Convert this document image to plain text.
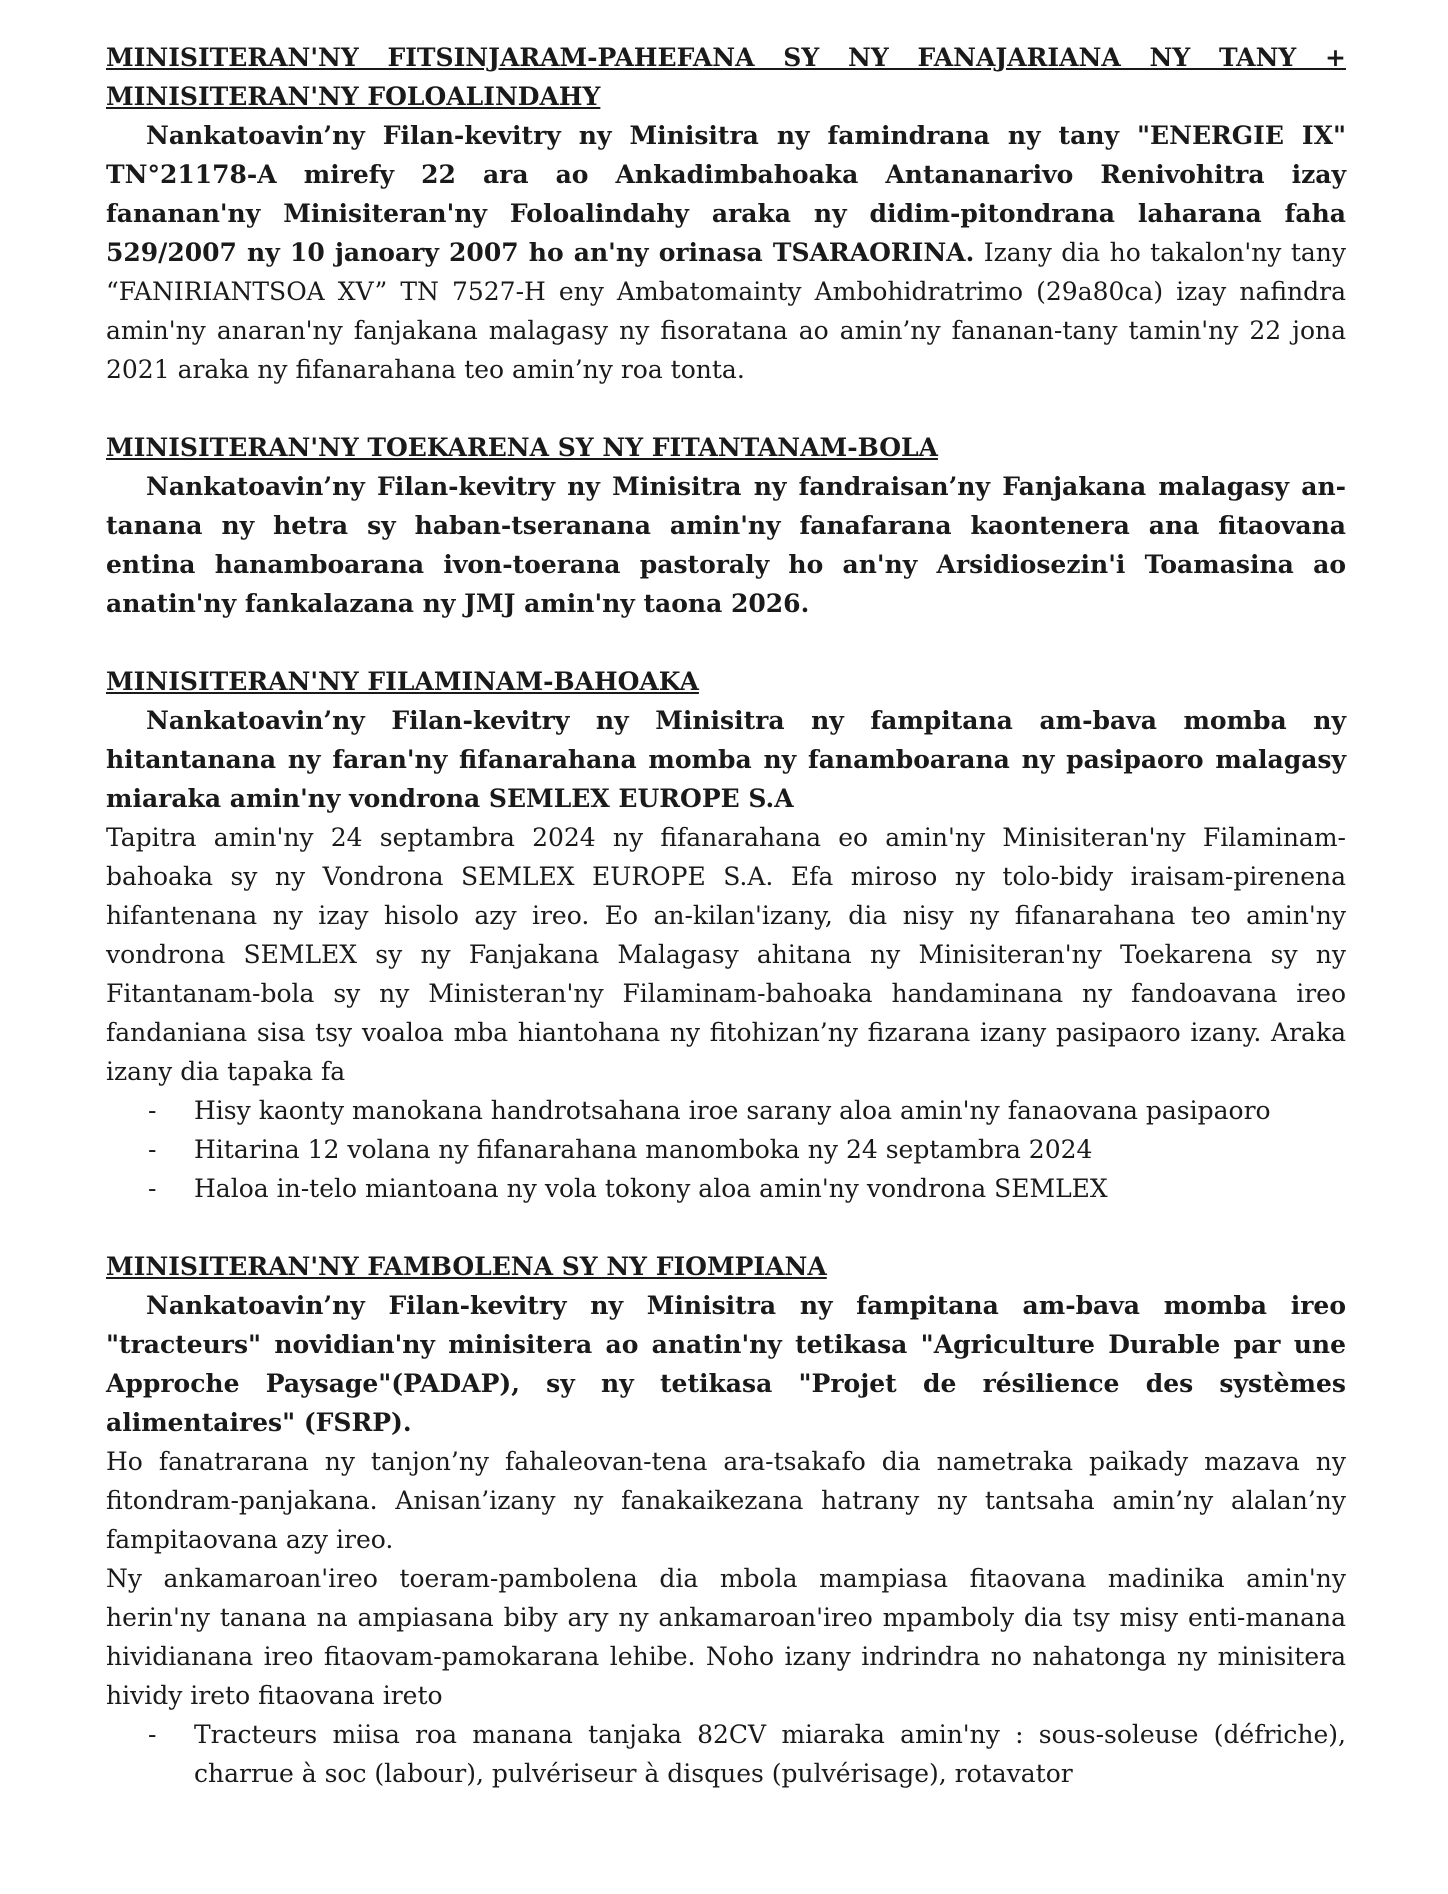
MINISITERAN'NY FITSINJARAM-PAHEFANA SY NY FANAJARIANA NY TANY + MINISITERAN'NY FOLOALINDAHY

Nankatoavin’ny Filan-kevitry ny Minisitra ny famindrana ny tany "ENERGIE IX" TN°21178-A mirefy 22 ara ao Ankadimbahoaka Antananarivo Renivohitra izay fananan'ny Minisiteran'ny Foloalindahy araka ny didim-pitondrana laharana faha 529/2007 ny 10 janoary 2007 ho an'ny orinasa TSARAORINA. Izany dia ho takalon'ny tany “FANIRIANTSOA XV” TN 7527-H eny Ambatomainty Ambohidratrimo (29a80ca) izay nafindra amin'ny anaran'ny fanjakana malagasy ny fisoratana ao amin’ny fananan-tany tamin'ny 22 jona 2021 araka ny fifanarahana teo amin’ny roa tonta.

MINISITERAN'NY TOEKARENA SY NY FITANTANAM-BOLA

Nankatoavin’ny Filan-kevitry ny Minisitra ny fandraisan’ny Fanjakana malagasy an-tanana ny hetra sy haban-tseranana amin'ny fanafarana kaontenera ana fitaovana entina hanamboarana ivon-toerana pastoraly ho an'ny Arsidiosezin'i Toamasina ao anatin'ny fankalazana ny JMJ amin'ny taona 2026.

MINISITERAN'NY FILAMINAM-BAHOAKA

Nankatoavin’ny Filan-kevitry ny Minisitra ny fampitana am-bava momba ny hitantanana ny faran'ny fifanarahana momba ny fanamboarana ny pasipaoro malagasy miaraka amin'ny vondrona SEMLEX EUROPE S.A

Tapitra amin'ny 24 septambra 2024 ny fifanarahana eo amin'ny Minisiteran'ny Filaminam-bahoaka sy ny Vondrona SEMLEX EUROPE S.A. Efa miroso ny tolo-bidy iraisam-pirenena hifantenana ny izay hisolo azy ireo. Eo an-kilan'izany, dia nisy ny fifanarahana teo amin'ny vondrona SEMLEX sy ny Fanjakana Malagasy ahitana ny Minisiteran'ny Toekarena sy ny Fitantanam-bola sy ny Ministeran'ny Filaminam-bahoaka handaminana ny fandoavana ireo fandaniana sisa tsy voaloa mba hiantohana ny fitohizan’ny fizarana izany pasipaoro izany. Araka izany dia tapaka fa

- Hisy kaonty manokana handrotsahana iroe sarany aloa amin'ny fanaovana pasipaoro
- Hitarina 12 volana ny fifanarahana manomboka ny 24 septambra 2024
- Haloa in-telo miantoana ny vola tokony aloa amin'ny vondrona SEMLEX

MINISITERAN'NY FAMBOLENA SY NY FIOMPIANA

Nankatoavin’ny Filan-kevitry ny Minisitra ny fampitana am-bava momba ireo "tracteurs" novidian'ny minisitera ao anatin'ny tetikasa "Agriculture Durable par une Approche Paysage"(PADAP), sy ny tetikasa "Projet de résilience des systèmes alimentaires" (FSRP).

Ho fanatrarana ny tanjon’ny fahaleovan-tena ara-tsakafo dia nametraka paikady mazava ny fitondram-panjakana. Anisan’izany ny fanakaikezana hatrany ny tantsaha amin’ny alalan’ny fampitaovana azy ireo.

Ny ankamaroan'ireo toeram-pambolena dia mbola mampiasa fitaovana madinika amin'ny herin'ny tanana na ampiasana biby ary ny ankamaroan'ireo mpamboly dia tsy misy enti-manana hividianana ireo fitaovam-pamokarana lehibe. Noho izany indrindra no nahatonga ny minisitera hividy ireto fitaovana ireto

- Tracteurs miisa roa manana tanjaka 82CV miaraka amin'ny : sous-soleuse (défriche), charrue à soc (labour), pulvériseur à disques (pulvérisage), rotavator
